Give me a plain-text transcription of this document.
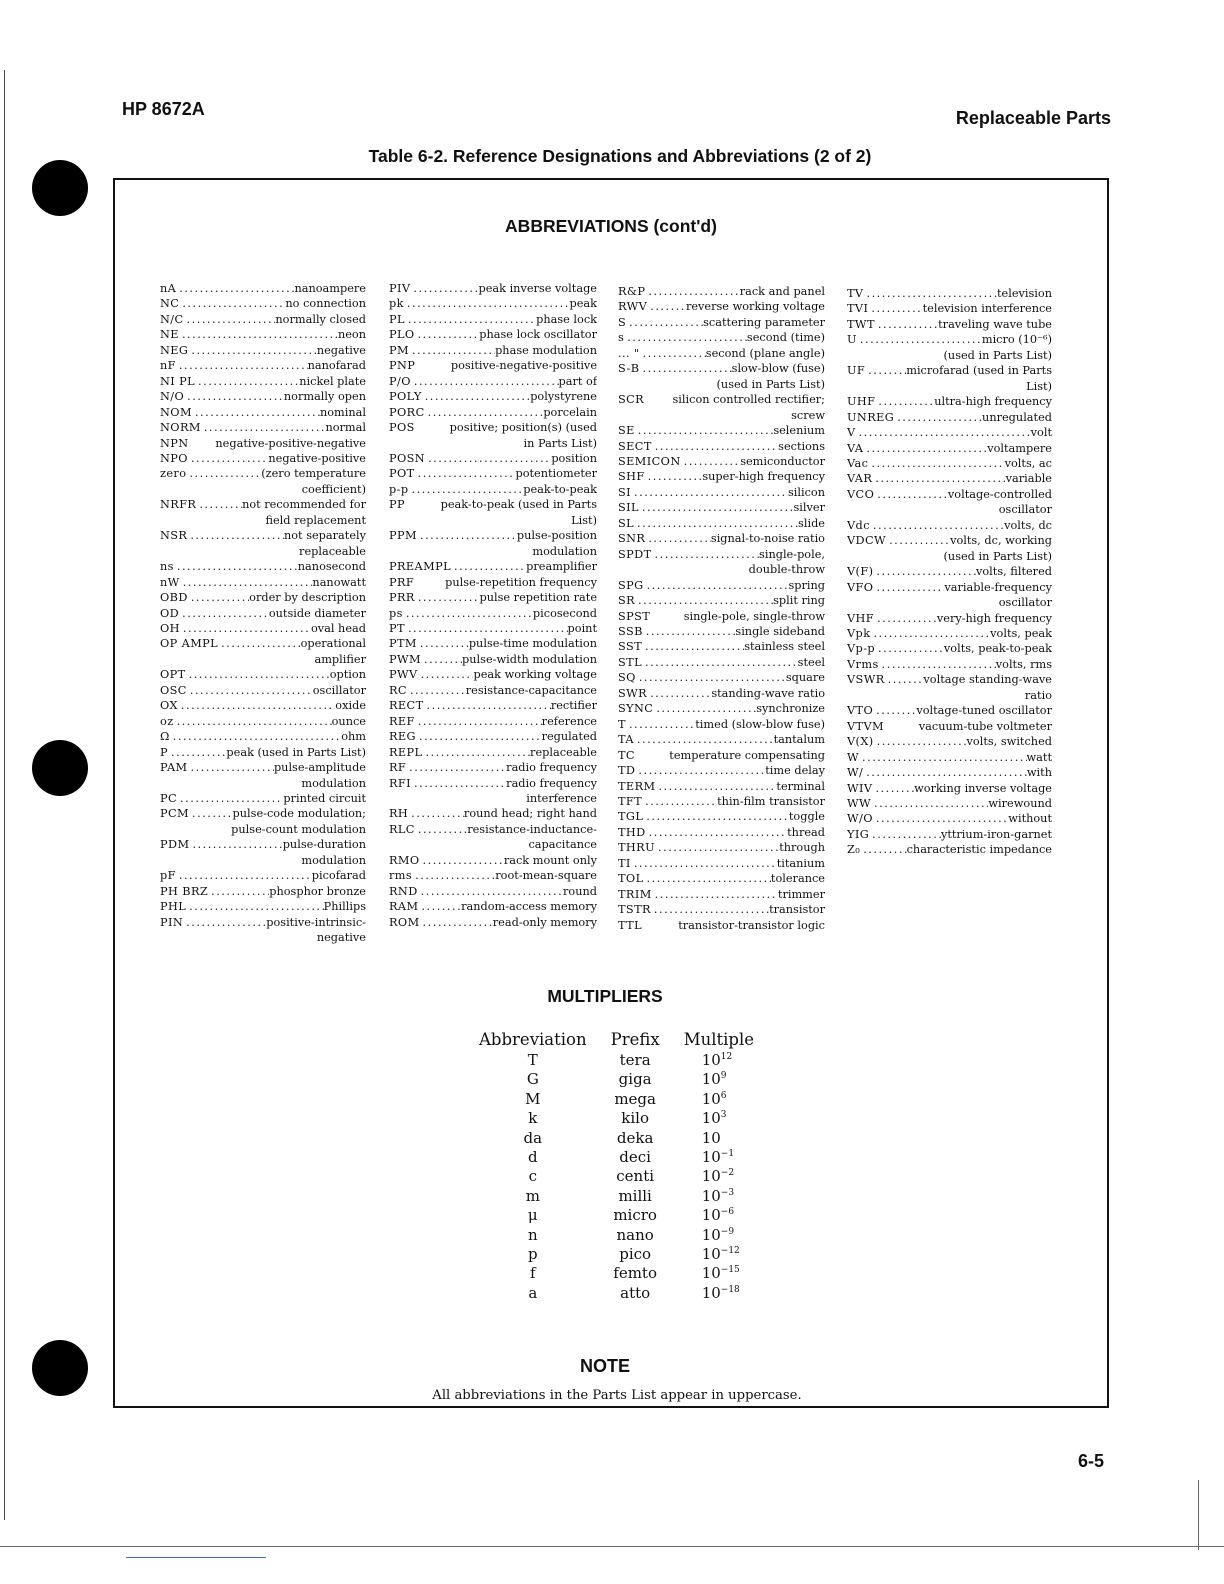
HP 8672A	Replaceable Parts
Table 6-2. Reference Designations and Abbreviations (2 of 2)
ABBREVIATIONS (cont'd)
nA .....	nanoampere
NC .....	no connection
N/C .....	normally closed
NE .....	neon
NEG .....	negative
nF .....	nanofarad
NI PL .....	nickel plate
N/O .....	normally open
NOM .....	nominal
NORM .....	normal
NPN negative-positive-negative
NPO .....	negative-positive
zero .....	(zero temperature
coefficient)
NRFR .....	not recommended for
field replacement
NSR .....	not separately
replaceable
ns .....	nanosecond
nW .....	nanowatt
OBD .....	order by description
OD .....	outside diameter
OH .....	oval head
OP AMPL .....	operational
amplifier
OPT .....	option
OSC .....	oscillator
OX .....	oxide
oz .....	ounce
Ω .....	ohm
P .....	peak (used in Parts List)
PAM .....	pulse-amplitude
modulation
PC .....	printed circuit
PCM .....	pulse-code modulation;
pulse-count modulation
PDM .....	pulse-duration
modulation
pF .....	picofarad
PH BRZ .....	phosphor bronze
PHL .....	Phillips
PIN .....	positive-intrinsic-
negative
PIV .....	peak inverse voltage
pk .....	peak
PL .....	phase lock
PLO .....	phase lock oscillator
PM .....	phase modulation
PNP	positive-negative-positive
P/O .....	part of
POLY .....	polystyrene
PORC .....	porcelain
POS	positive; position(s) (used
in Parts List)
POSN .....	position
POT .....	potentiometer
p-p .....	peak-to-peak
PP	peak-to-peak (used in Parts
List)
PPM .....	pulse-position
modulation
PREAMPL .....	preamplifier
PRF	pulse-repetition frequency
PRR .....	pulse repetition rate
ps .....	picosecond
PT .....	point
PTM .....	pulse-time modulation
PWM .....	pulse-width modulation
PWV .....	peak working voltage
RC .....	resistance-capacitance
RECT .....	rectifier
REF .....	reference
REG .....	regulated
REPL .....	replaceable
RF .....	radio frequency
RFI .....	radio frequency
interference
RH .....	round head; right hand
RLC .....	resistance-inductance-
capacitance
RMO .....	rack mount only
rms .....	root-mean-square
RND .....	round
RAM .....	random-access memory
ROM .....	read-only memory
R&P .....	rack and panel
RWV .....	reverse working voltage
S .....	scattering parameter
s .....	second (time)
... " .....	second (plane angle)
S-B .....	slow-blow (fuse)
(used in Parts List)
SCR	silicon controlled rectifier;
screw
SE .....	selenium
SECT .....	sections
SEMICON .....	semiconductor
SHF .....	super-high frequency
SI .....	silicon
SIL .....	silver
SL .....	slide
SNR .....	signal-to-noise ratio
SPDT .....	single-pole,
double-throw
SPG .....	spring
SR .....	split ring
SPST	single-pole, single-throw
SSB .....	single sideband
SST .....	stainless steel
STL .....	steel
SQ .....	square
SWR .....	standing-wave ratio
SYNC .....	synchronize
T .....	timed (slow-blow fuse)
TA .....	tantalum
TC	temperature compensating
TD .....	time delay
TERM .....	terminal
TFT .....	thin-film transistor
TGL .....	toggle
THD .....	thread
THRU .....	through
TI .....	titanium
TOL .....	tolerance
TRIM .....	trimmer
TSTR .....	transistor
TTL	transistor-transistor logic
TV .....	television
TVI .....	television interference
TWT .....	traveling wave tube
U .....	micro (10⁻⁶)
(used in Parts List)
UF .....	microfarad (used in Parts
List)
UHF .....	ultra-high frequency
UNREG .....	unregulated
V .....	volt
VA .....	voltampere
Vac .....	volts, ac
VAR .....	variable
VCO .....	voltage-controlled
oscillator
Vdc .....	volts, dc
VDCW .....	volts, dc, working
(used in Parts List)
V(F) .....	volts, filtered
VFO .....	variable-frequency
oscillator
VHF .....	very-high frequency
Vpk .....	volts, peak
Vp-p .....	volts, peak-to-peak
Vrms .....	volts, rms
VSWR .....	voltage standing-wave
ratio
VTO .....	voltage-tuned oscillator
VTVM	vacuum-tube voltmeter
V(X) .....	volts, switched
W .....	watt
W/ .....	with
WIV .....	working inverse voltage
WW .....	wirewound
W/O .....	without
YIG .....	yttrium-iron-garnet
Z₀ .....	characteristic impedance
MULTIPLIERS
Abbreviation	Prefix	Multiple
T	tera	$10^{12}$
G	giga	$10^9$
M	mega	$10^6$
k	kilo	$10^3$
da	deka	10
d	deci	$10^{-1}$
c	centi	$10^{-2}$
m	milli	$10^{-3}$
μ	micro	$10^{-6}$
n	nano	$10^{-9}$
p	pico	$10^{-12}$
f	femto	$10^{-15}$
a	atto	$10^{-18}$
NOTE
All abbreviations in the Parts List appear in uppercase.
6-5
